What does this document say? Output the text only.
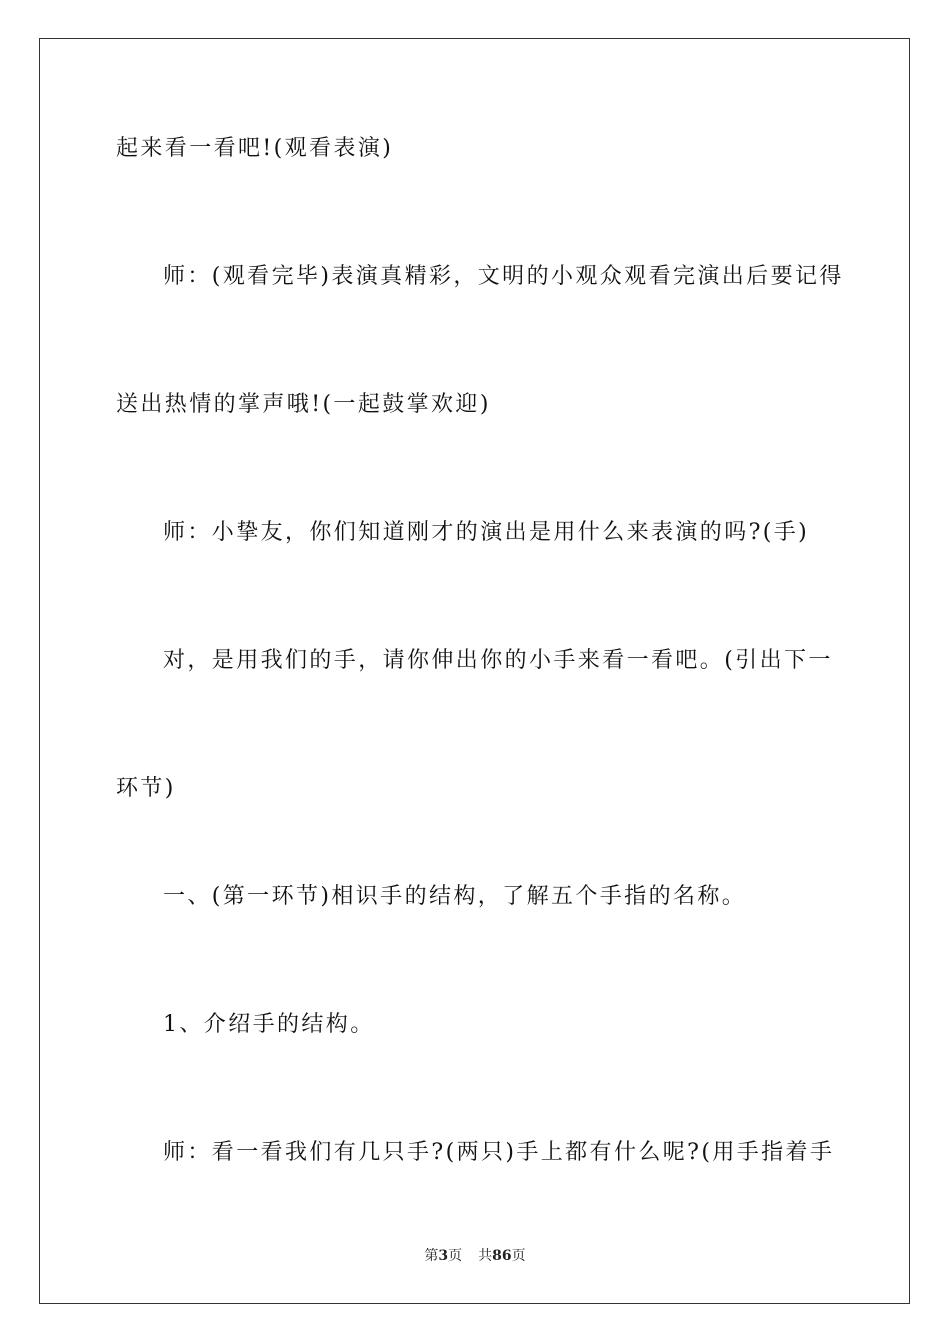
起来看一看吧!(观看表演)
师：(观看完毕)表演真精彩，文明的小观众观看完演出后要记得
送出热情的掌声哦!(一起鼓掌欢迎)
师：小挚友，你们知道刚才的演出是用什么来表演的吗?(手)
对，是用我们的手，请你伸出你的小手来看一看吧。(引出下一
环节)
一、(第一环节)相识手的结构，了解五个手指的名称。
1、介绍手的结构。
师：看一看我们有几只手?(两只)手上都有什么呢?(用手指着手
第3页 共86页
